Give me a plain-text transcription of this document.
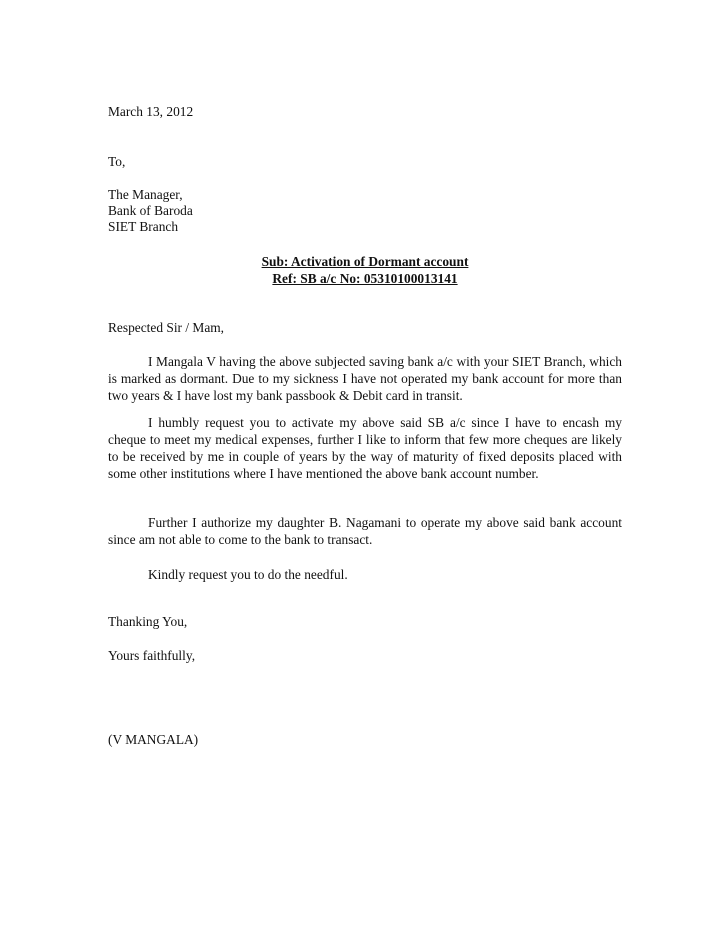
March 13, 2012
To,
The Manager,
Bank of Baroda
SIET Branch
Sub: Activation of Dormant account
Ref: SB a/c No: 05310100013141
Respected Sir / Mam,
I Mangala V having the above subjected saving bank a/c with your SIET Branch, which is marked as dormant. Due to my sickness I have not operated my bank account for more than two years & I have lost my bank passbook & Debit card in transit.
I humbly request you to activate my above said SB a/c since I have to encash my cheque to meet my medical expenses, further I like to inform that few more cheques are likely to be received by me in couple of years by the way of maturity of fixed deposits placed with some other institutions where I have mentioned the above bank account number.
Further I authorize my daughter B. Nagamani to operate my above said bank account since am not able to come to the bank to transact.
Kindly request you to do the needful.
Thanking You,
Yours faithfully,
(V MANGALA)
